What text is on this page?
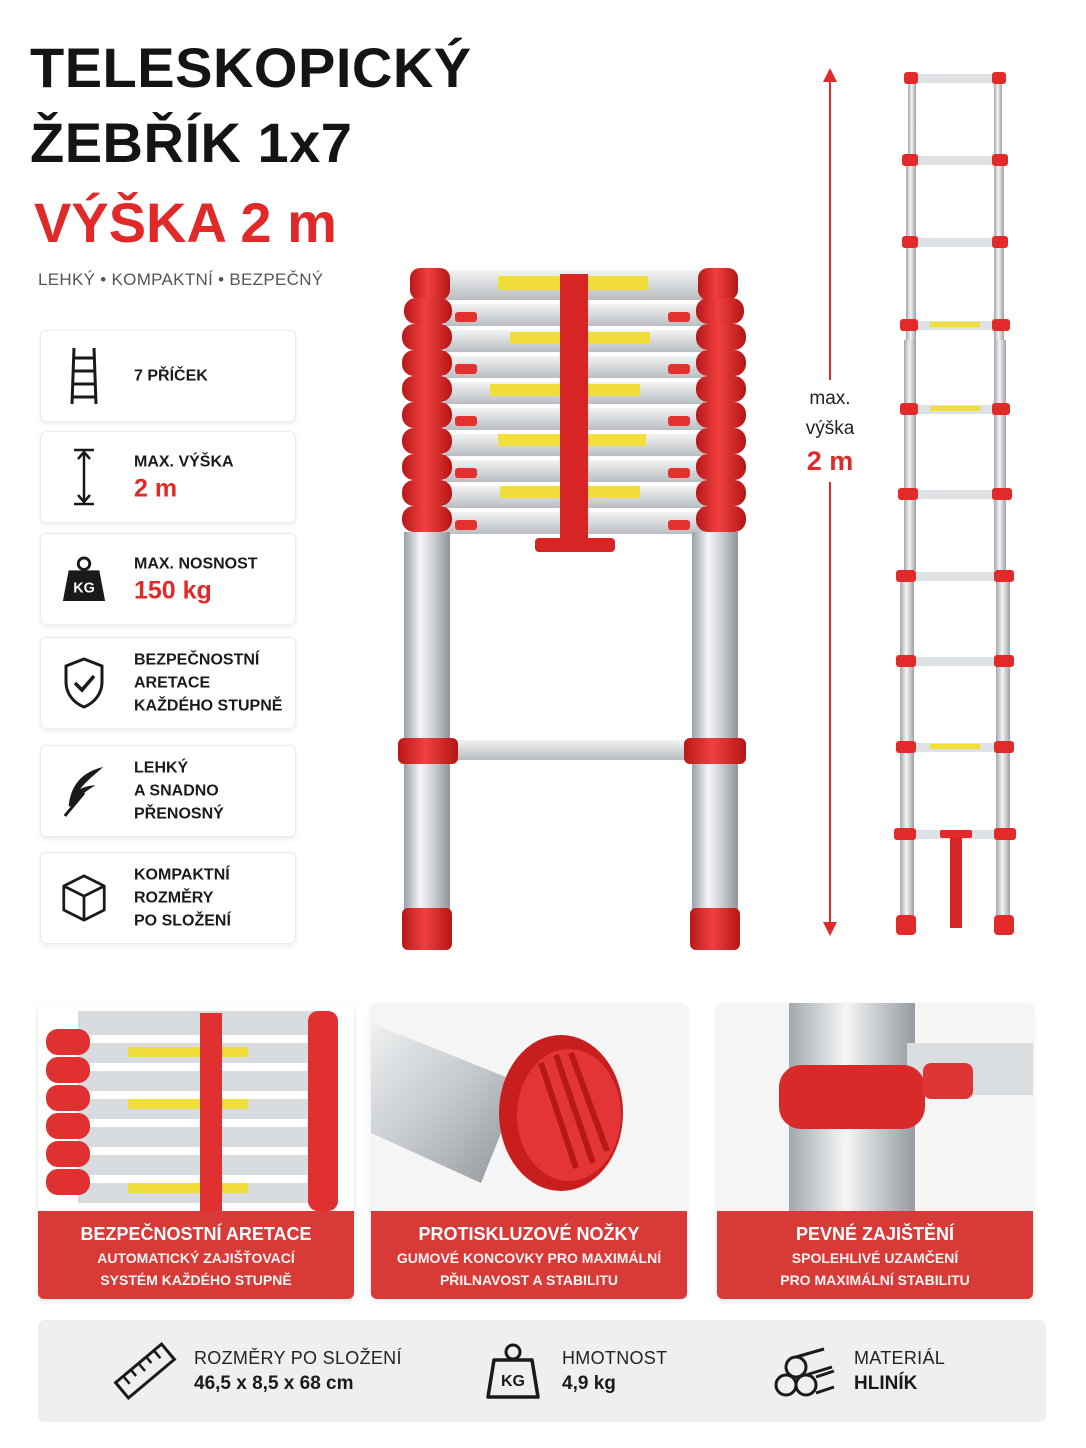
TELESKOPICKÝ
ŽEBŘÍK 1x7
VÝŠKA 2 m
LEHKÝ • KOMPAKTNÍ • BEZPEČNÝ
7 PŘÍČEK
MAX. VÝŠKA
2 m
KG
MAX. NOSNOST
150 kg
BEZPEČNOSTNÍ
ARETACE
KAŽDÉHO STUPNĚ
LEHKÝ
A SNADNO
PŘENOSNÝ
KOMPAKTNÍ
ROZMĚRY
PO SLOŽENÍ
max.
výška
2 m
BEZPEČNOSTNÍ ARETACE
AUTOMATICKÝ ZAJIŠŤOVACÍ
SYSTÉM KAŽDÉHO STUPNĚ
PROTISKLUZOVÉ NOŽKY
GUMOVÉ KONCOVKY PRO MAXIMÁLNÍ
PŘILNAVOST A STABILITU
PEVNÉ ZAJIŠTĚNÍ
SPOLEHLIVÉ UZAMČENÍ
PRO MAXIMÁLNÍ STABILITU
ROZMĚRY PO SLOŽENÍ
46,5 x 8,5 x 68 cm	KG
HMOTNOST
4,9 kg
MATERIÁL
HLINÍK
